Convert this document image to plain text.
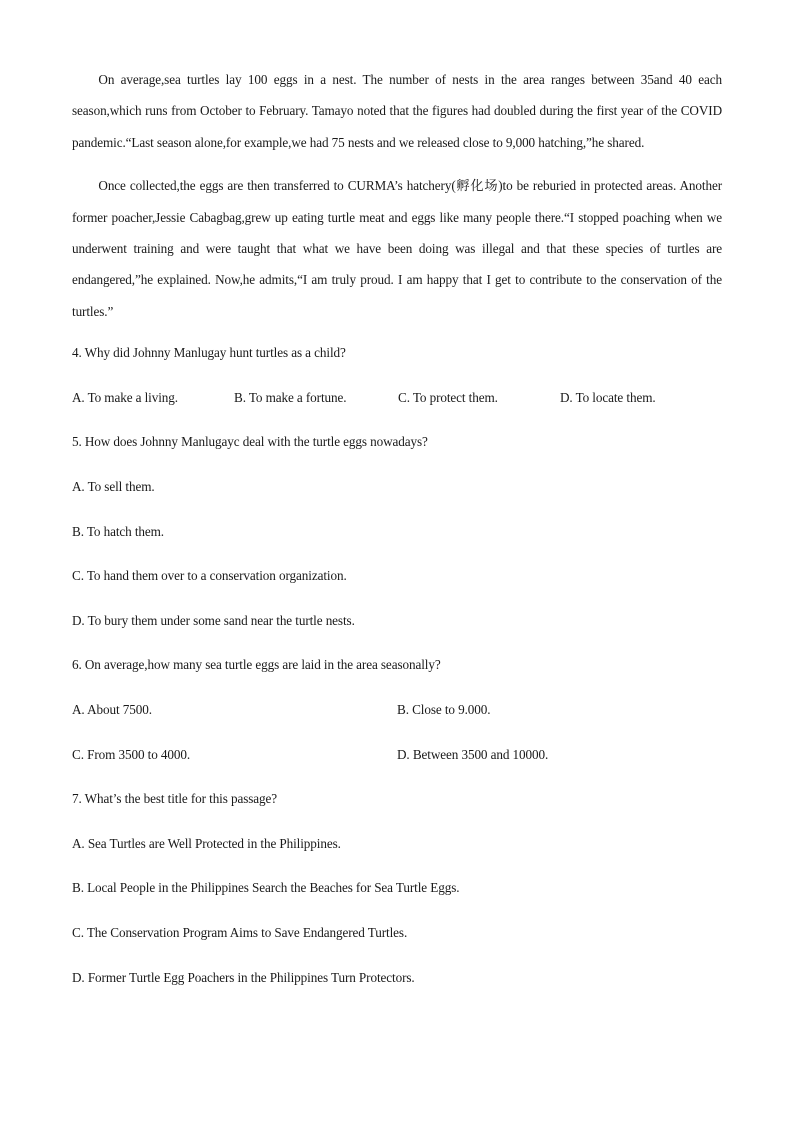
On average,sea turtles lay 100 eggs in a nest. The number of nests in the area ranges between 35and 40 each season,which runs from October to February. Tamayo noted that the figures had doubled during the first year of the COVID pandemic.“Last season alone,for example,we had 75 nests and we released close to 9,000 hatching,”he shared.

Once collected,the eggs are then transferred to CURMA’s hatchery(孵化场)to be reburied in protected areas. Another former poacher,Jessie Cabagbag,grew up eating turtle meat and eggs like many people there.“I stopped poaching when we underwent training and were taught that what we have been doing was illegal and that these species of turtles are endangered,”he explained. Now,he admits,“I am truly proud. I am happy that I get to contribute to the conservation of the turtles.”

4. Why did Johnny Manlugay hunt turtles as a child?

A. To make a living.	B. To make a fortune.	C. To protect them.	D. To locate them.

5. How does Johnny Manlugayc deal with the turtle eggs nowadays?

A. To sell them.

B. To hatch them.

C. To hand them over to a conservation organization.

D. To bury them under some sand near the turtle nests.

6. On average,how many sea turtle eggs are laid in the area seasonally?

A. About 7500.	B. Close to 9.000.
C. From 3500 to 4000.	D. Between 3500 and 10000.

7. What’s the best title for this passage?

A. Sea Turtles are Well Protected in the Philippines.

B. Local People in the Philippines Search the Beaches for Sea Turtle Eggs.

C. The Conservation Program Aims to Save Endangered Turtles.

D. Former Turtle Egg Poachers in the Philippines Turn Protectors.
